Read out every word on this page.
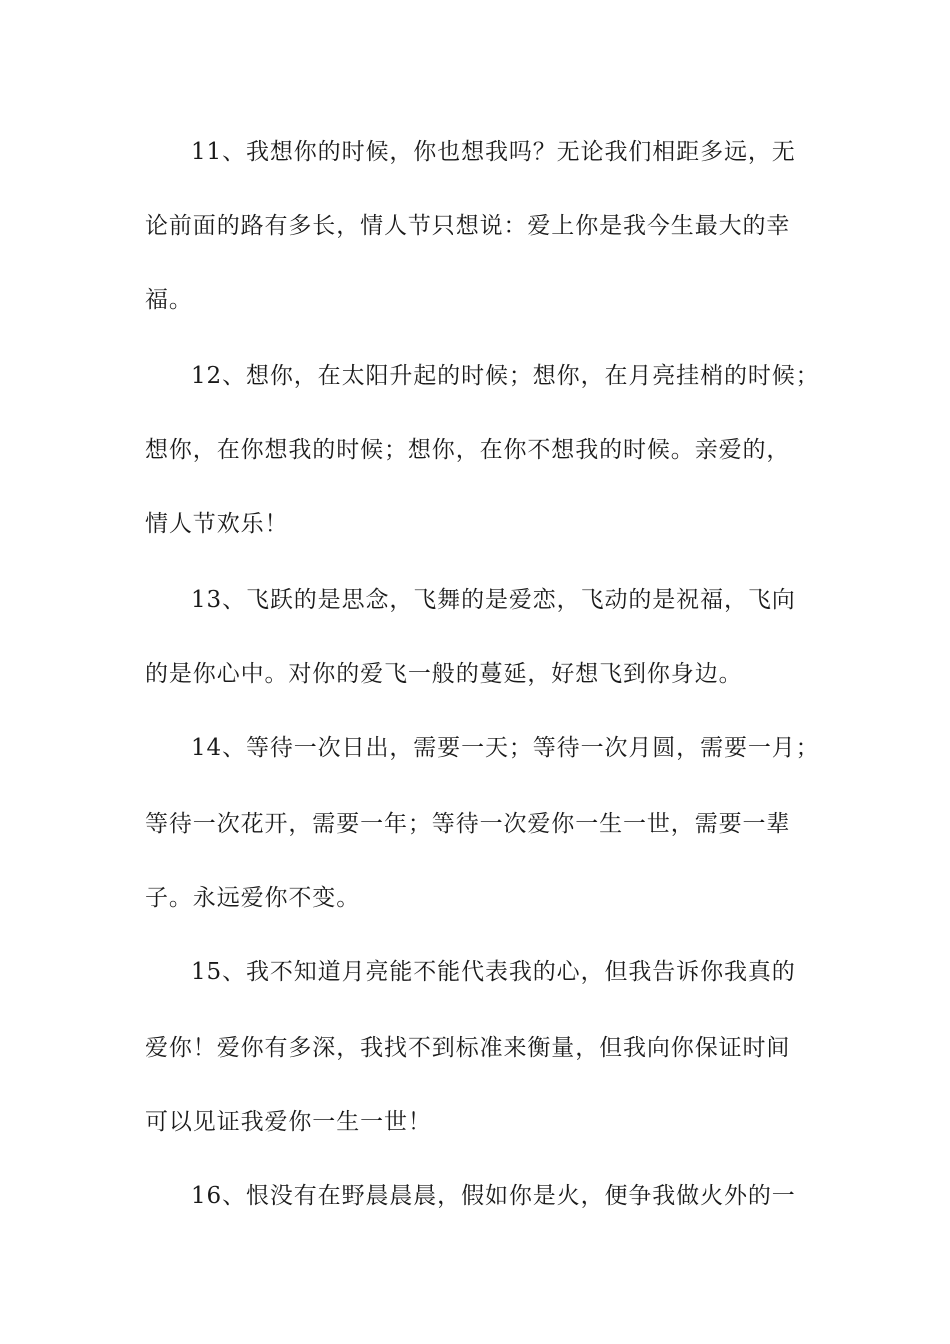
11、我想你的时候，你也想我吗？无论我们相距多远，无
论前面的路有多长，情人节只想说：爱上你是我今生最大的幸
福。
12、想你，在太阳升起的时候；想你，在月亮挂梢的时候；
想你，在你想我的时候；想你，在你不想我的时候。亲爱的，
情人节欢乐！
13、飞跃的是思念，飞舞的是爱恋，飞动的是祝福，飞向
的是你心中。对你的爱飞一般的蔓延，好想飞到你身边。
14、等待一次日出，需要一天；等待一次月圆，需要一月；
等待一次花开，需要一年；等待一次爱你一生一世，需要一辈
子。永远爱你不变。
15、我不知道月亮能不能代表我的心，但我告诉你我真的
爱你！爱你有多深，我找不到标准来衡量，但我向你保证时间
可以见证我爱你一生一世！
16、恨没有在野晨晨晨，假如你是火，便争我做火外的一
